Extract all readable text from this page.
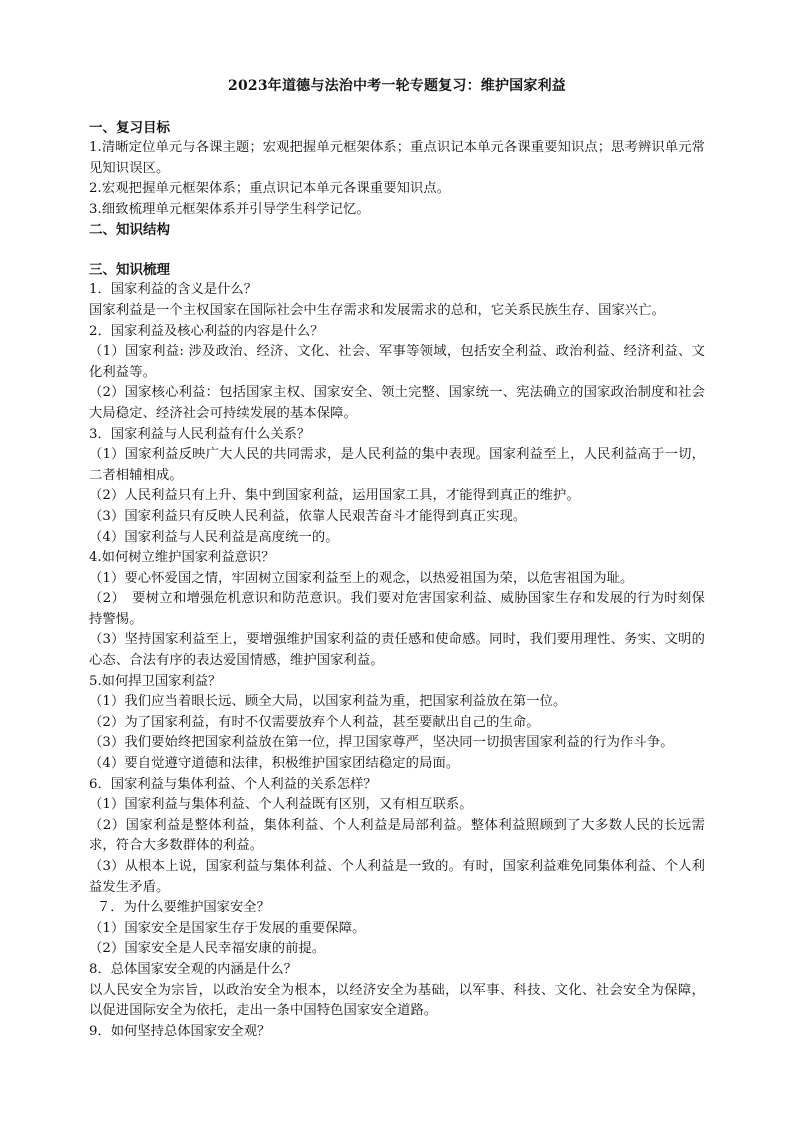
2023年道德与法治中考一轮专题复习：维护国家利益

一、复习目标

1.清晰定位单元与各课主题；宏观把握单元框架体系；重点识记本单元各课重要知识点；思考辨识单元常见知识误区。

2.宏观把握单元框架体系；重点识记本单元各课重要知识点。

3.细致梳理单元框架体系并引导学生科学记忆。

二、知识结构

三、知识梳理

1．国家利益的含义是什么？

国家利益是一个主权国家在国际社会中生存需求和发展需求的总和，它关系民族生存、国家兴亡。

2．国家利益及核心利益的内容是什么？

（1）国家利益: 涉及政治、经济、文化、社会、军事等领域，包括安全利益、政治利益、经济利益、文化利益等。

（2）国家核心利益：包括国家主权、国家安全、领土完整、国家统一、宪法确立的国家政治制度和社会大局稳定、经济社会可持续发展的基本保障。

3．国家利益与人民利益有什么关系？

（1）国家利益反映广大人民的共同需求，是人民利益的集中表现。国家利益至上，人民利益高于一切，二者相辅相成。

（2）人民利益只有上升、集中到国家利益，运用国家工具，才能得到真正的维护。

（3）国家利益只有反映人民利益，依靠人民艰苦奋斗才能得到真正实现。

（4）国家利益与人民利益是高度统一的。

4.如何树立维护国家利益意识？

（1）要心怀爱国之情，牢固树立国家利益至上的观念，以热爱祖国为荣，以危害祖国为耻。

（2）　要树立和增强危机意识和防范意识。我们要对危害国家利益、威胁国家生存和发展的行为时刻保持警惕。

（3）坚持国家利益至上，要增强维护国家利益的责任感和使命感。同时，我们要用理性、务实、文明的心态、合法有序的表达爱国情感，维护国家利益。

5.如何捍卫国家利益？

（1）我们应当着眼长远、顾全大局，以国家利益为重，把国家利益放在第一位。

（2）为了国家利益，有时不仅需要放弃个人利益，甚至要献出自己的生命。

（3）我们要始终把国家利益放在第一位，捍卫国家尊严，坚决同一切损害国家利益的行为作斗争。

（4）要自觉遵守道德和法律，积极维护国家团结稳定的局面。

6．国家利益与集体利益、个人利益的关系怎样？

（1）国家利益与集体利益、个人利益既有区别，又有相互联系。

（2）国家利益是整体利益，集体利益、个人利益是局部利益。整体利益照顾到了大多数人民的长远需求，符合大多数群体的利益。

（3）从根本上说，国家利益与集体利益、个人利益是一致的。有时，国家利益难免同集体利益、个人利益发生矛盾。

７．为什么要维护国家安全？

（1）国家安全是国家生存于发展的重要保障。

（2）国家安全是人民幸福安康的前提。

8．总体国家安全观的内涵是什么？

以人民安全为宗旨，以政治安全为根本，以经济安全为基础，以军事、科技、文化、社会安全为保障，以促进国际安全为依托，走出一条中国特色国家安全道路。

9．如何坚持总体国家安全观？
